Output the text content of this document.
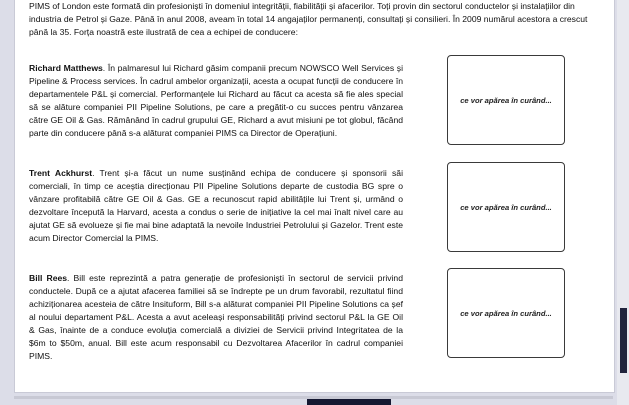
PIMS of London este formată din profesioniști în domeniul integrității, fiabilității și afacerilor. Toți provin din sectorul conductelor și instalațiilor din industria de Petrol și Gaze. Până în anul 2008, aveam în total 14 angajaților permanenți, consultați și consilieri. În 2009 numărul acestora a crescut până la 35. Forța noastră este ilustrată de cea a echipei de conducere:

Richard Matthews. În palmaresul lui Richard găsim companii precum NOWSCO Well Services și Pipeline & Process services. În cadrul ambelor organizații, acesta a ocupat funcții de conducere în departamentele P&L și comercial. Performanțele lui Richard au făcut ca acesta să fie ales special să se alăture companiei PII Pipeline Solutions, pe care a pregătit-o cu succes pentru vânzarea către GE Oil & Gas. Rămânând în cadrul grupului GE, Richard a avut misiuni pe tot globul, făcând parte din conducere până s-a alăturat companiei PIMS ca Director de Operațiuni.

ce vor apărea în curând...

Trent Ackhurst. Trent și-a făcut un nume susținând echipa de conducere și sponsorii săi comerciali, în timp ce aceștia direcționau PII Pipeline Solutions departe de custodia BG spre o vânzare profitabilă către GE Oil & Gas. GE a recunoscut rapid abilitățile lui Trent și, urmând o dezvoltare începută la Harvard, acesta a condus o serie de inițiative la cel mai înalt nivel care au ajutat GE să evolueze și fie mai bine adaptată la nevoile Industriei Petrolului și Gazelor. Trent este acum Director Comercial la PIMS.

ce vor apărea în curând...

Bill Rees. Bill este reprezintă a patra generație de profesioniști în sectorul de servicii privind conductele. După ce a ajutat afacerea familiei să se îndrepte pe un drum favorabil, rezultatul fiind achiziționarea acesteia de către Insituform, Bill s-a alăturat companiei PII Pipeline Solutions ca șef al noului departament P&L. Acesta a avut aceleași responsabilități privind sectorul P&L la GE Oil & Gas, înainte de a conduce evoluția comercială a diviziei de Servicii privind Integritatea de la $6m to $50m, anual. Bill este acum responsabil cu Dezvoltarea Afacerilor în cadrul companiei PIMS.

ce vor apărea în curând...
